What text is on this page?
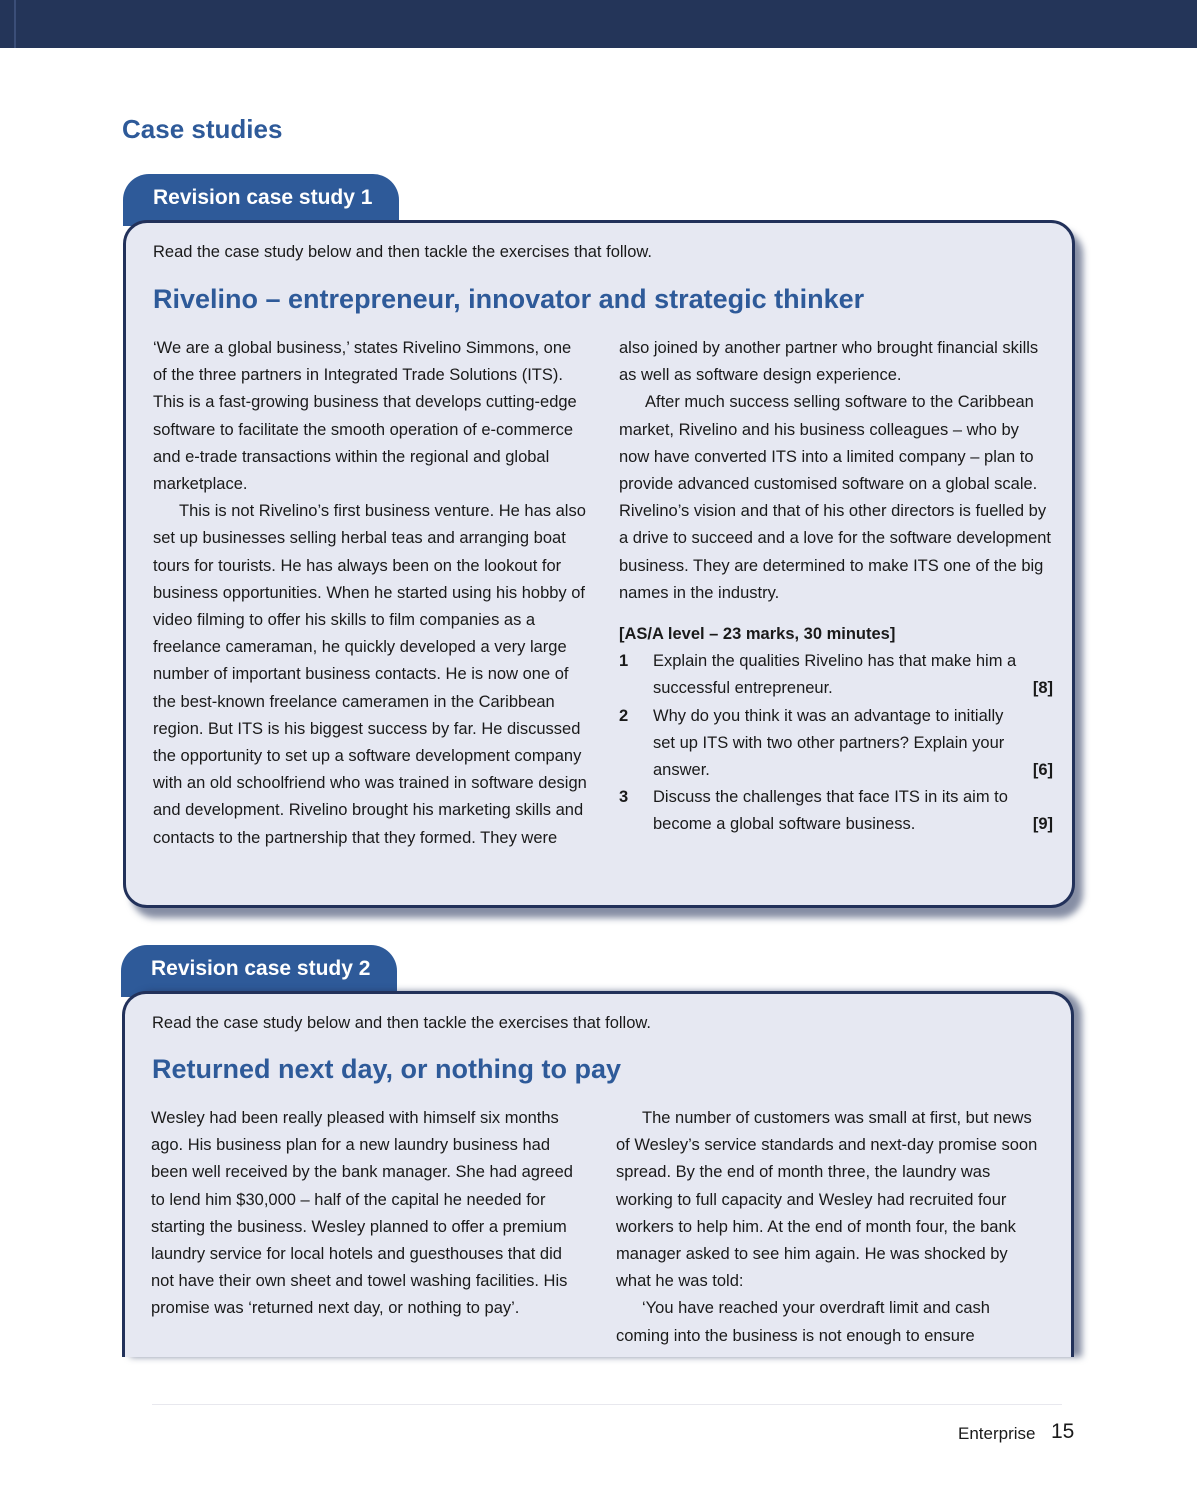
Case studies
Revision case study 1
Read the case study below and then tackle the exercises that follow.
Rivelino – entrepreneur, innovator and strategic thinker

‘We are a global business,’ states Rivelino Simmons, one of the three partners in Integrated Trade Solutions (ITS). This is a fast-growing business that develops cutting-edge software to facilitate the smooth operation of e-commerce and e-trade transactions within the regional and global marketplace.

This is not Rivelino’s first business venture. He has also set up businesses selling herbal teas and arranging boat tours for tourists. He has always been on the lookout for business opportunities. When he started using his hobby of video filming to offer his skills to film companies as a freelance cameraman, he quickly developed a very large number of important business contacts. He is now one of the best-known freelance cameramen in the Caribbean region. But ITS is his biggest success by far. He discussed the opportunity to set up a software development company with an old schoolfriend who was trained in software design and development. Rivelino brought his marketing skills and contacts to the partnership that they formed. They were

also joined by another partner who brought financial skills as well as software design experience.

After much success selling software to the Caribbean market, Rivelino and his business colleagues – who by now have converted ITS into a limited company – plan to provide advanced customised software on a global scale. Rivelino’s vision and that of his other directors is fuelled by a drive to succeed and a love for the software development business. They are determined to make ITS one of the big names in the industry.

[AS/A level – 23 marks, 30 minutes]
1 Explain the qualities Rivelino has that make him a successful entrepreneur.	[8]
2 Why do you think it was an advantage to initially set up ITS with two other partners? Explain your answer.	[6]
3 Discuss the challenges that face ITS in its aim to become a global software business.	[9]
Revision case study 2
Read the case study below and then tackle the exercises that follow.
Returned next day, or nothing to pay

Wesley had been really pleased with himself six months ago. His business plan for a new laundry business had been well received by the bank manager. She had agreed to lend him $30,000 – half of the capital he needed for starting the business. Wesley planned to offer a premium laundry service for local hotels and guesthouses that did not have their own sheet and towel washing facilities. His promise was ‘returned next day, or nothing to pay’.

The number of customers was small at first, but news of Wesley’s service standards and next-day promise soon spread. By the end of month three, the laundry was working to full capacity and Wesley had recruited four workers to help him. At the end of month four, the bank manager asked to see him again. He was shocked by what he was told:

‘You have reached your overdraft limit and cash coming into the business is not enough to ensure

Enterprise 15
